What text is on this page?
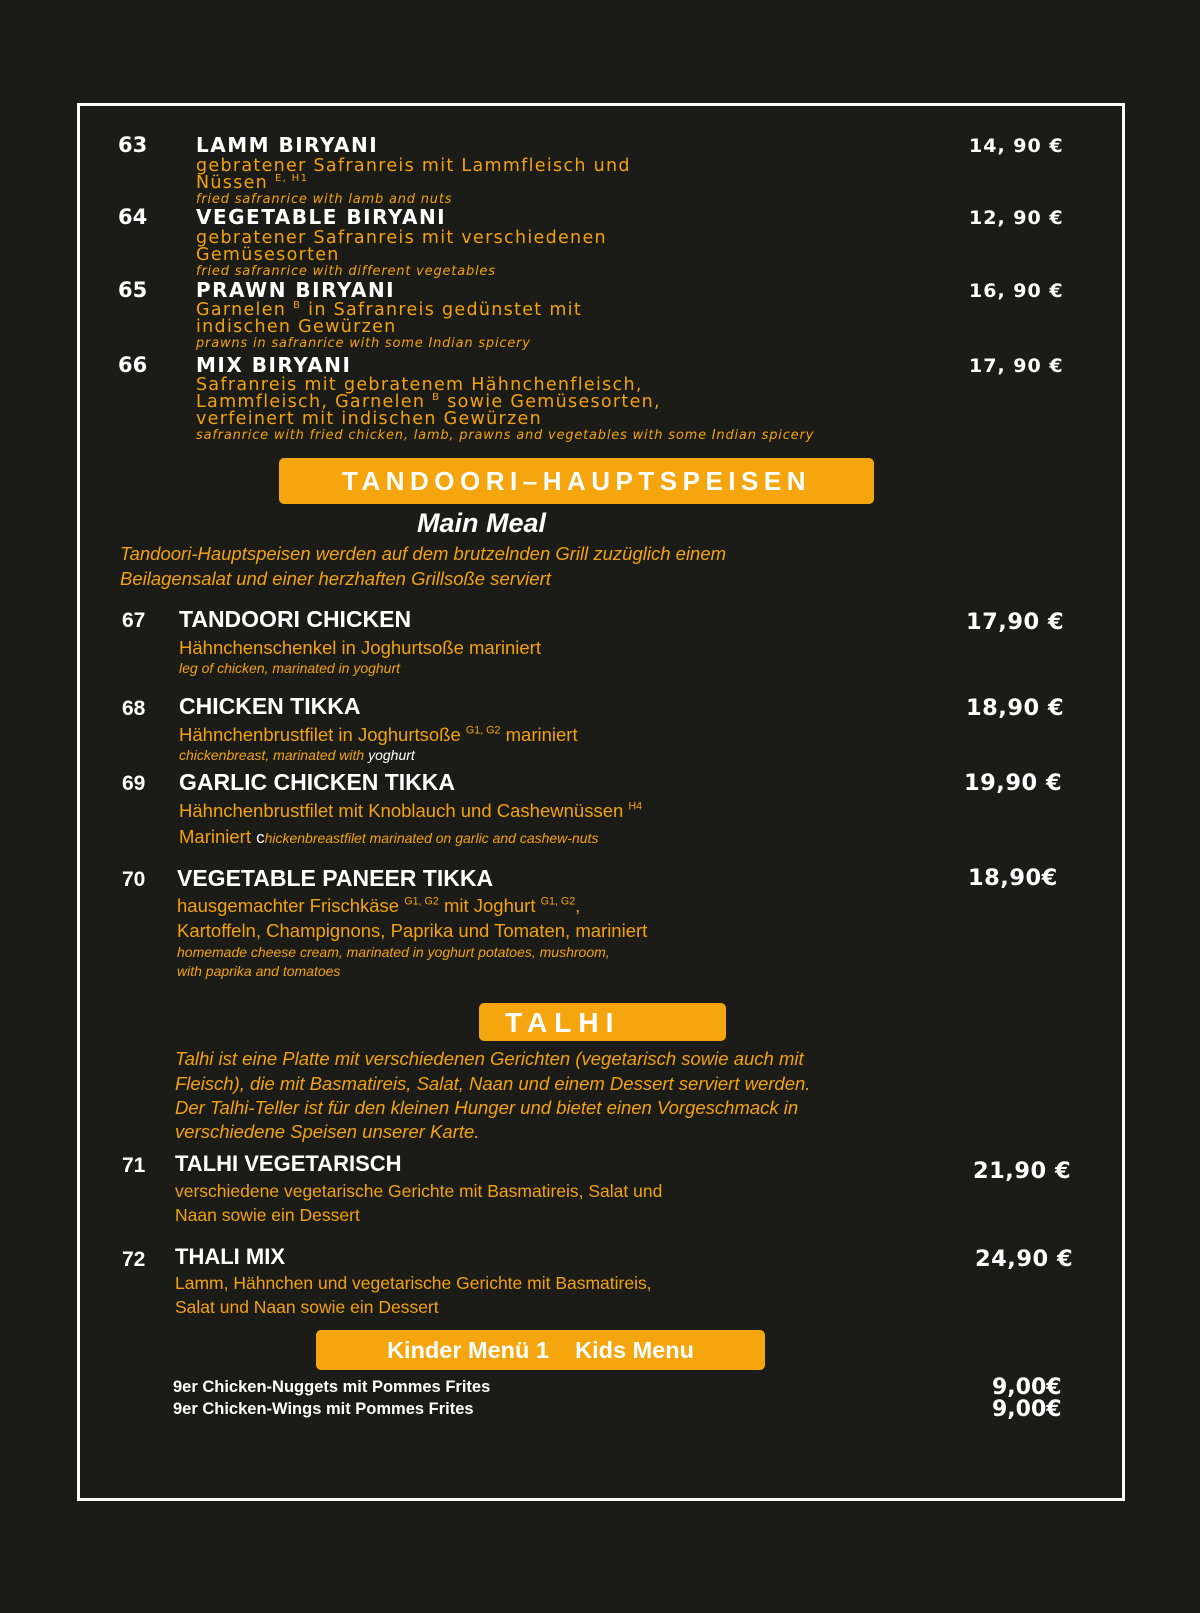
63 LAMM BIRYANI	14, 90 €
gebratener Safranreis mit Lammfleisch und
Nüssen $^{E, H1}$
fried safranrice with lamb and nuts
64 VEGETABLE BIRYANI	12, 90 €
gebratener Safranreis mit verschiedenen
Gemüsesorten
fried safranrice with different vegetables
65 PRAWN BIRYANI	16, 90 €
Garnelen $^B$ in Safranreis gedünstet mit
indischen Gewürzen
prawns in safranrice with some Indian spicery
66 MIX BIRYANI	17, 90 €
Safranreis mit gebratenem Hähnchenfleisch,
Lammfleisch, Garnelen $^B$ sowie Gemüsesorten,
verfeinert mit indischen Gewürzen
safranrice with fried chicken, lamb, prawns and vegetables with some Indian spicery
TANDOORI–HAUPTSPEISEN
Main Meal
Tandoori-Hauptspeisen werden auf dem brutzelnden Grill zuzüglich einem
Beilagensalat und einer herzhaften Grillsoße serviert
67 TANDOORI CHICKEN	17,90 €
Hähnchenschenkel in Joghurtsoße mariniert
leg of chicken, marinated in yoghurt
68 CHICKEN TIKKA	18,90 €
Hähnchenbrustfilet in Joghurtsoße $^{G1, G2}$ mariniert
chickenbreast, marinated with yoghurt
69 GARLIC CHICKEN TIKKA	19,90 €
Hähnchenbrustfilet mit Knoblauch und Cashewnüssen $^{H4}$
Mariniert chickenbreastfilet marinated on garlic and cashew-nuts
70 VEGETABLE PANEER TIKKA	18,90€
hausgemachter Frischkäse $^{G1, G2}$ mit Joghurt $^{G1, G2}$,
Kartoffeln, Champignons, Paprika und Tomaten, mariniert
homemade cheese cream, marinated in yoghurt potatoes, mushroom,
with paprika and tomatoes
TALHI
Talhi ist eine Platte mit verschiedenen Gerichten (vegetarisch sowie auch mit
Fleisch), die mit Basmatireis, Salat, Naan und einem Dessert serviert werden.
Der Talhi-Teller ist für den kleinen Hunger und bietet einen Vorgeschmack in
verschiedene Speisen unserer Karte.
71 TALHI VEGETARISCH	21,90 €
verschiedene vegetarische Gerichte mit Basmatireis, Salat und
Naan sowie ein Dessert
72 THALI MIX	24,90 €
Lamm, Hähnchen und vegetarische Gerichte mit Basmatireis,
Salat und Naan sowie ein Dessert
Kinder Menü 1 Kids Menu
9er Chicken-Nuggets mit Pommes Frites	9,00€
9er Chicken-Wings mit Pommes Frites	9,00€
